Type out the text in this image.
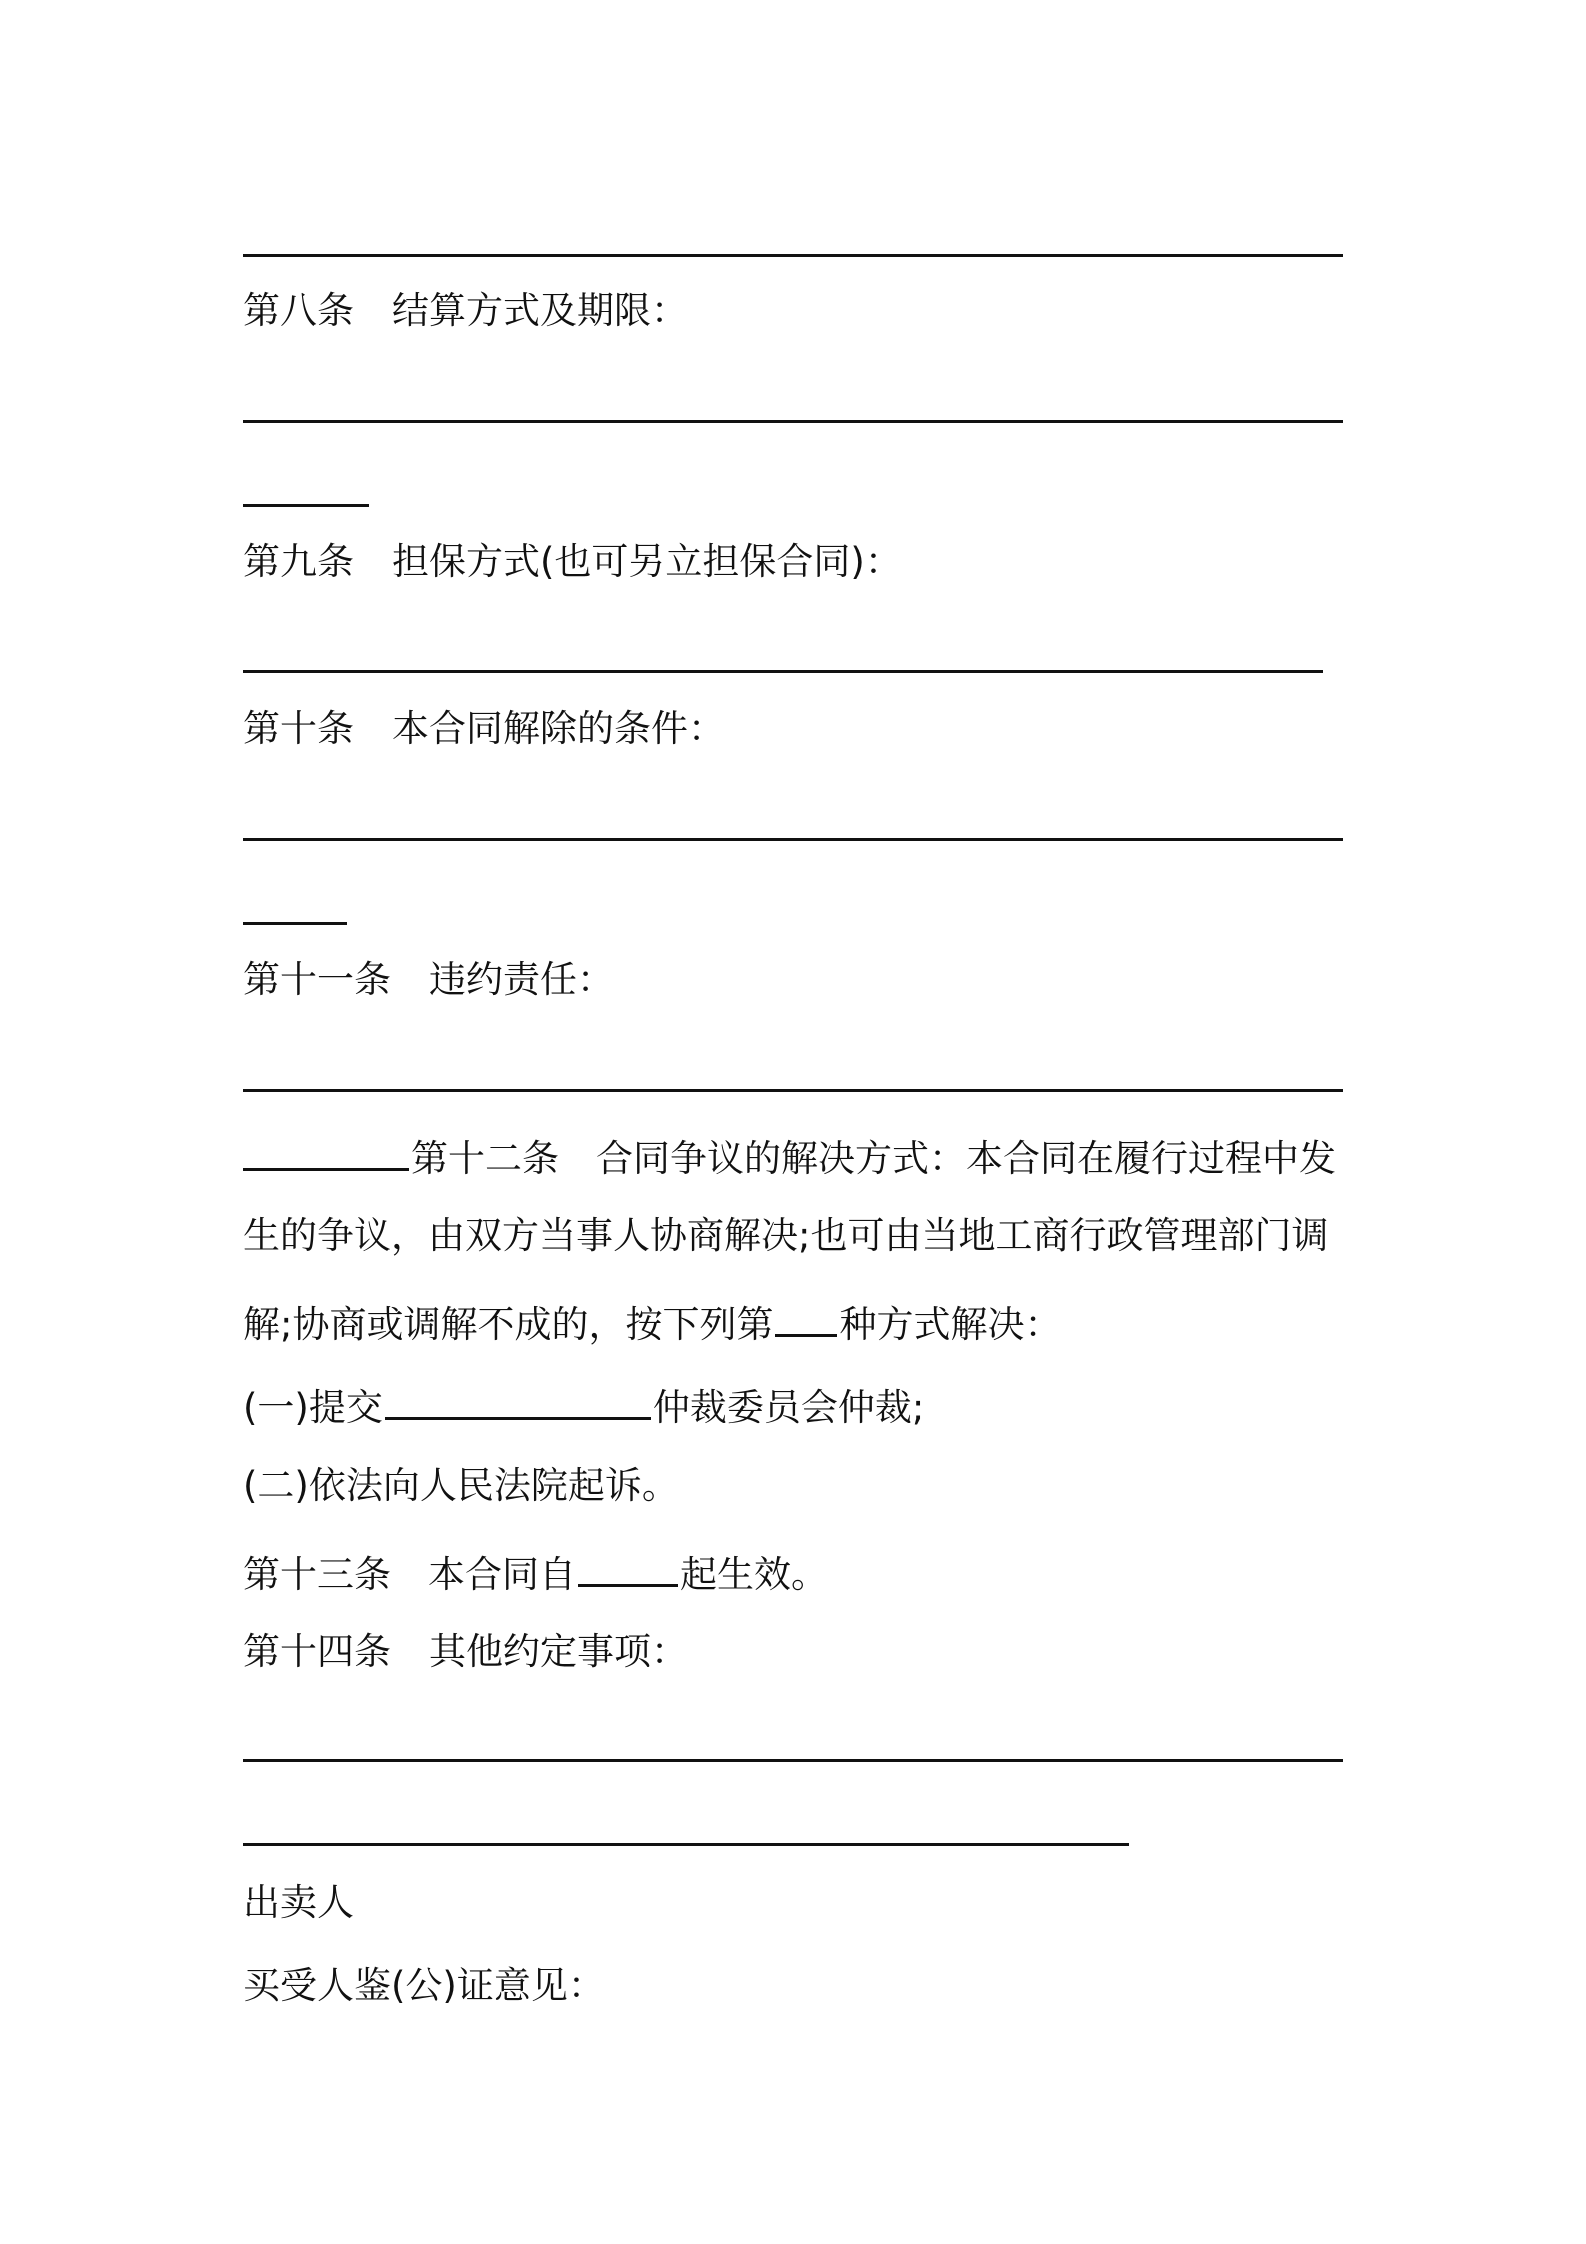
第八条 结算方式及期限：
第九条 担保方式(也可另立担保合同)：
第十条 本合同解除的条件：
第十一条 违约责任：
第十二条　合同争议的解决方式：本合同在履行过程中发
生的争议，由双方当事人协商解决;也可由当地工商行政管理部门调
解;协商或调解不成的，按下列第 种方式解决：
(一)提交	仲裁委员会仲裁;
(二)依法向人民法院起诉。
第十三条　本合同自	起生效。
第十四条 其他约定事项：
出卖人
买受人鉴(公)证意见：
